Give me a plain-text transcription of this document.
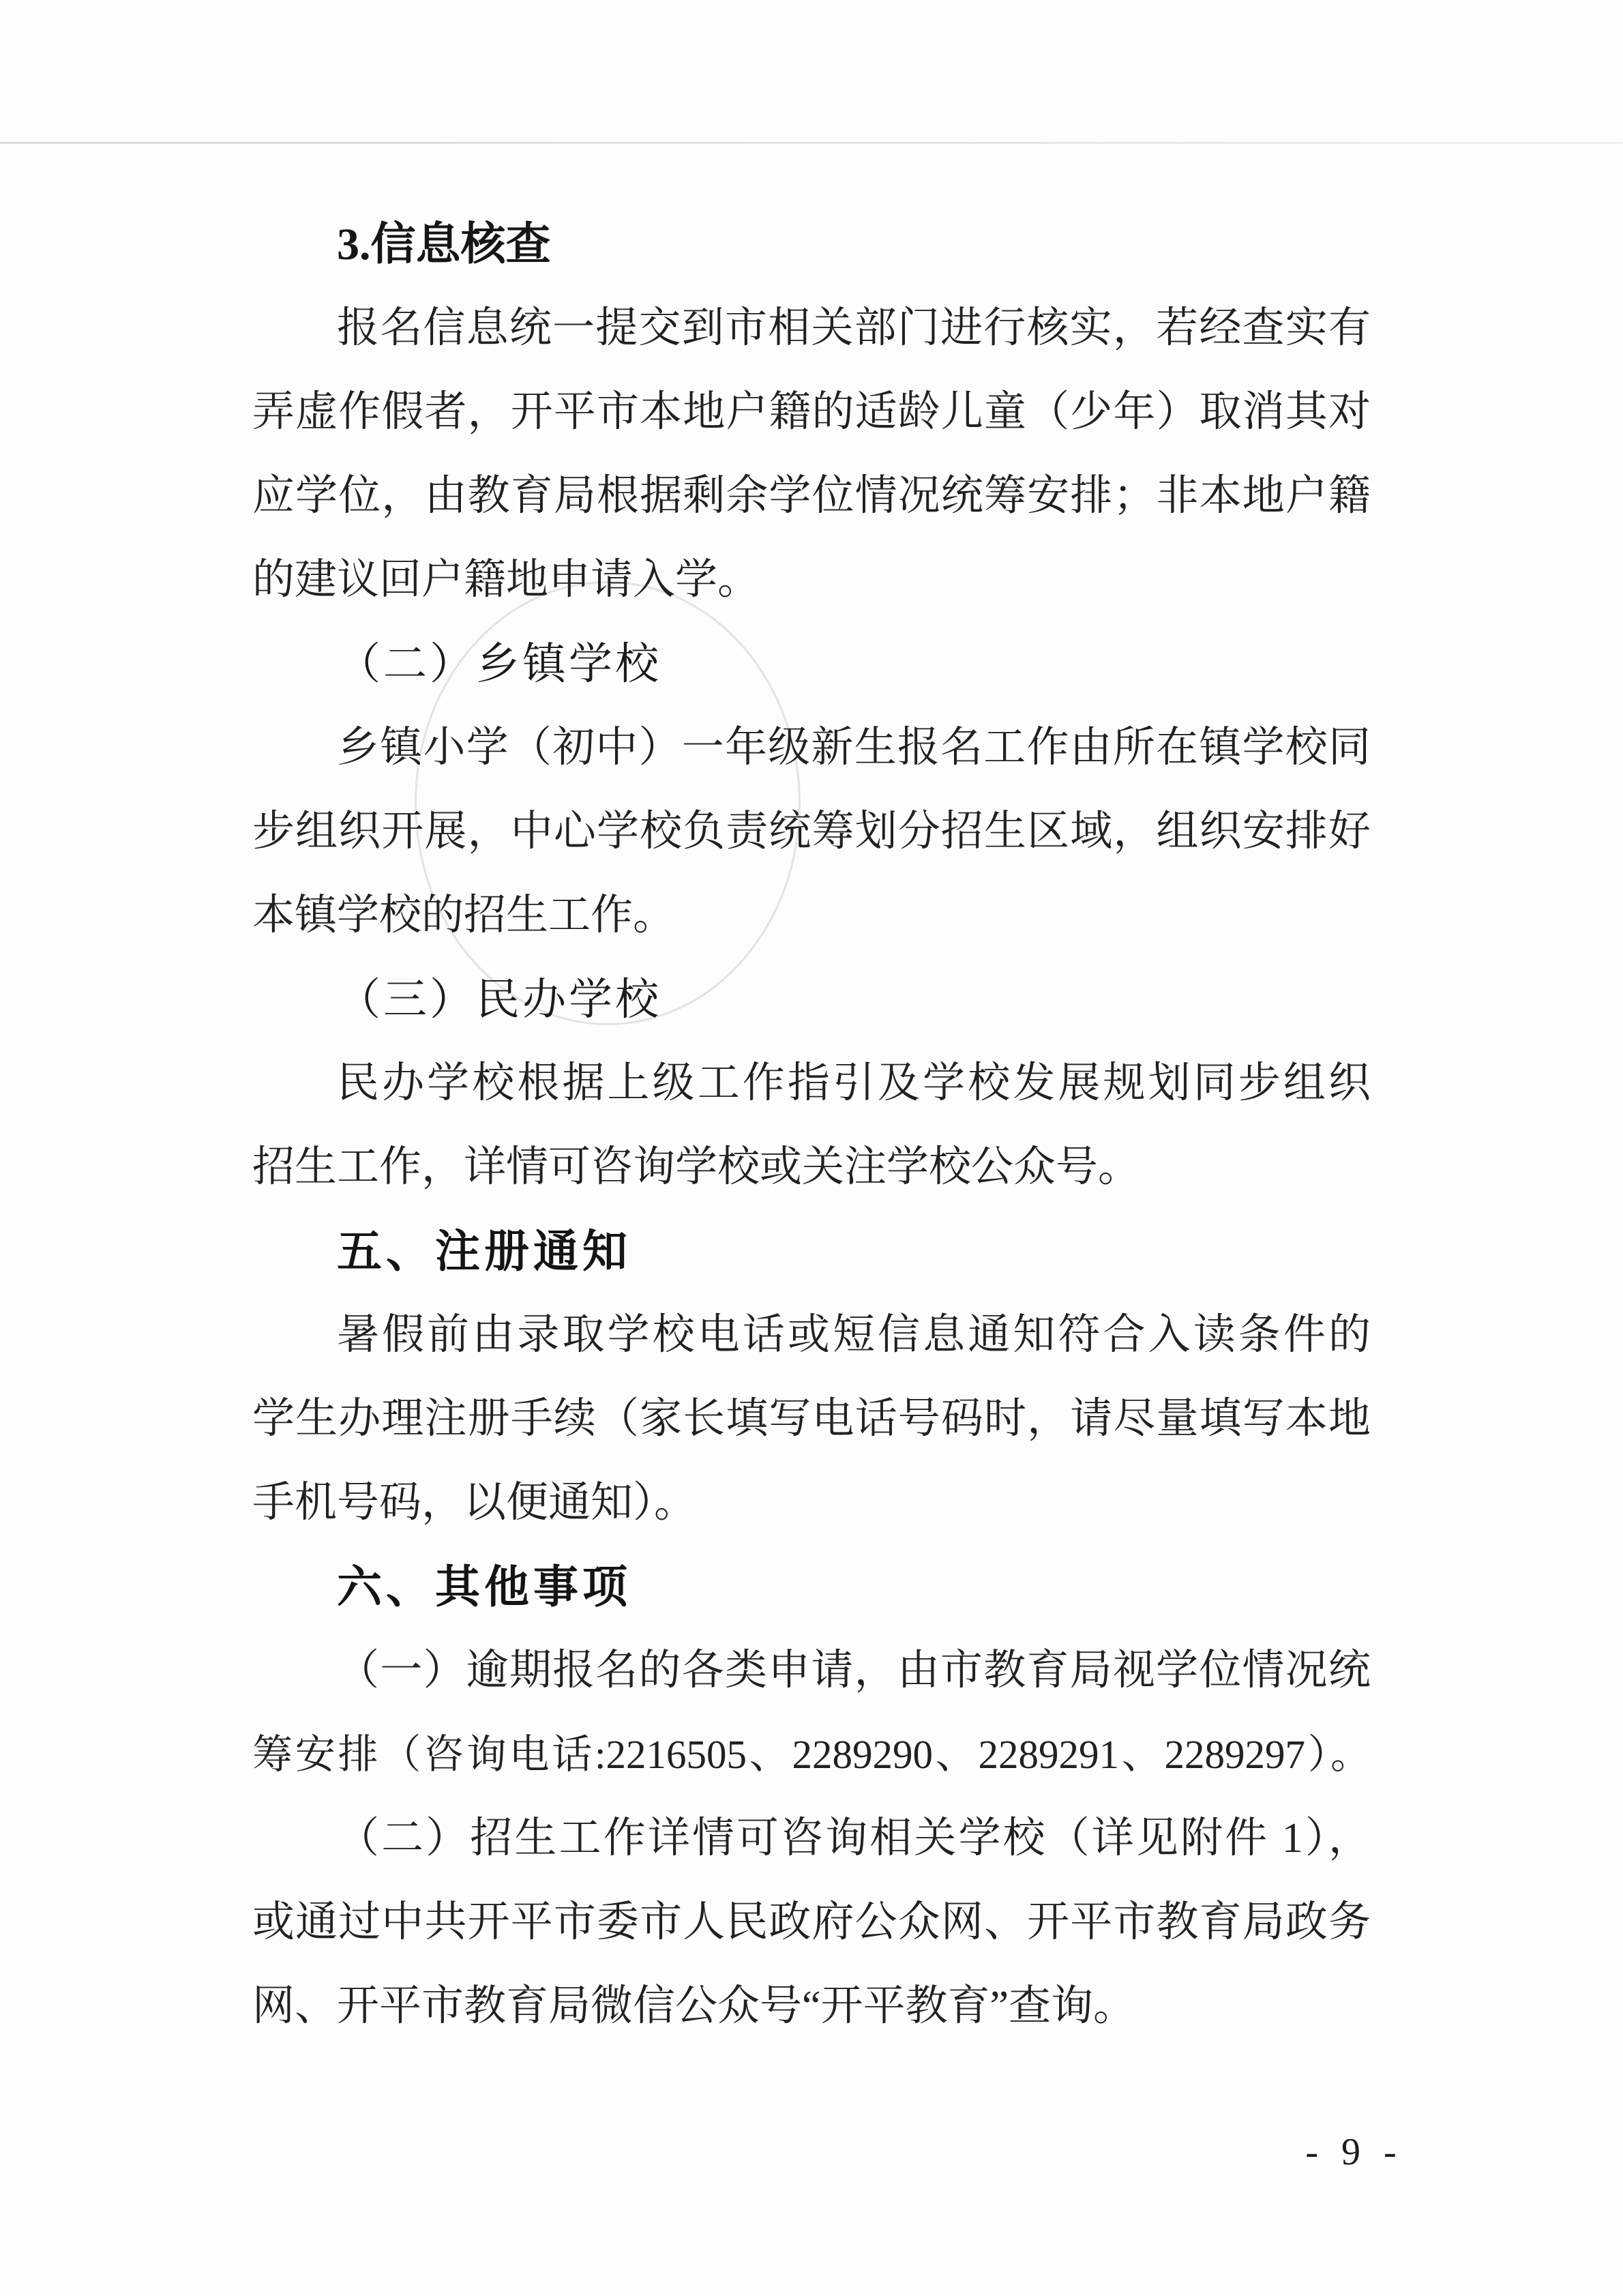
3.信息核查
报名信息统一提交到市相关部门进行核实，若经查实有
弄虚作假者，开平市本地户籍的适龄儿童（少年）取消其对
应学位，由教育局根据剩余学位情况统筹安排；非本地户籍
的建议回户籍地申请入学。
（二）乡镇学校
乡镇小学（初中）一年级新生报名工作由所在镇学校同
步组织开展，中心学校负责统筹划分招生区域，组织安排好
本镇学校的招生工作。
（三）民办学校
民办学校根据上级工作指引及学校发展规划同步组织
招生工作，详情可咨询学校或关注学校公众号。
五、注册通知
暑假前由录取学校电话或短信息通知符合入读条件的
学生办理注册手续（家长填写电话号码时，请尽量填写本地
手机号码，以便通知）。
六、其他事项
（一）逾期报名的各类申请，由市教育局视学位情况统
筹安排（咨询电话:2216505、2289290、2289291、2289297）。
（二）招生工作详情可咨询相关学校（详见附件 1），
或通过中共开平市委市人民政府公众网、开平市教育局政务
网、开平市教育局微信公众号“开平教育”查询。
- 9 -
